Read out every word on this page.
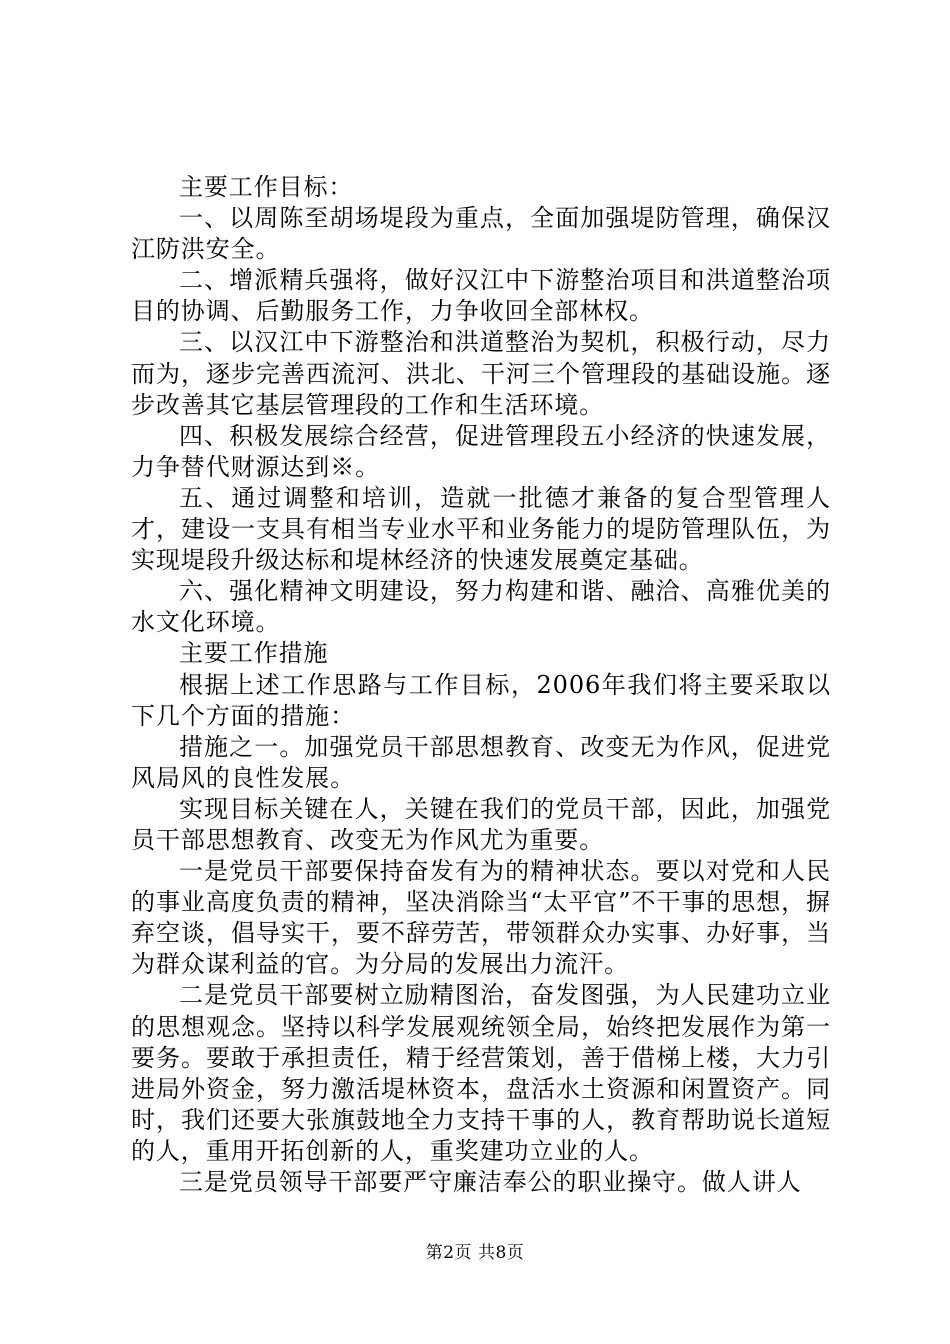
主要工作目标：

一、以周陈至胡场堤段为重点，全面加强堤防管理，确保汉江防洪安全。

二、增派精兵强将，做好汉江中下游整治项目和洪道整治项目的协调、后勤服务工作，力争收回全部林权。

三、以汉江中下游整治和洪道整治为契机，积极行动，尽力而为，逐步完善西流河、洪北、干河三个管理段的基础设施。逐步改善其它基层管理段的工作和生活环境。

四、积极发展综合经营，促进管理段五小经济的快速发展，力争替代财源达到※。

五、通过调整和培训，造就一批德才兼备的复合型管理人才，建设一支具有相当专业水平和业务能力的堤防管理队伍，为实现堤段升级达标和堤林经济的快速发展奠定基础。

六、强化精神文明建设，努力构建和谐、融洽、高雅优美的水文化环境。

主要工作措施

根据上述工作思路与工作目标，2006年我们将主要采取以下几个方面的措施：

措施之一。加强党员干部思想教育、改变无为作风，促进党风局风的良性发展。

实现目标关键在人，关键在我们的党员干部，因此，加强党员干部思想教育、改变无为作风尤为重要。

一是党员干部要保持奋发有为的精神状态。要以对党和人民的事业高度负责的精神，坚决消除当“太平官”不干事的思想，摒弃空谈，倡导实干，要不辞劳苦，带领群众办实事、办好事，当为群众谋利益的官。为分局的发展出力流汗。

二是党员干部要树立励精图治，奋发图强，为人民建功立业的思想观念。坚持以科学发展观统领全局，始终把发展作为第一要务。要敢于承担责任，精于经营策划，善于借梯上楼，大力引进局外资金，努力激活堤林资本，盘活水土资源和闲置资产。同时，我们还要大张旗鼓地全力支持干事的人，教育帮助说长道短的人，重用开拓创新的人，重奖建功立业的人。

三是党员领导干部要严守廉洁奉公的职业操守。做人讲人

第2页 共8页
